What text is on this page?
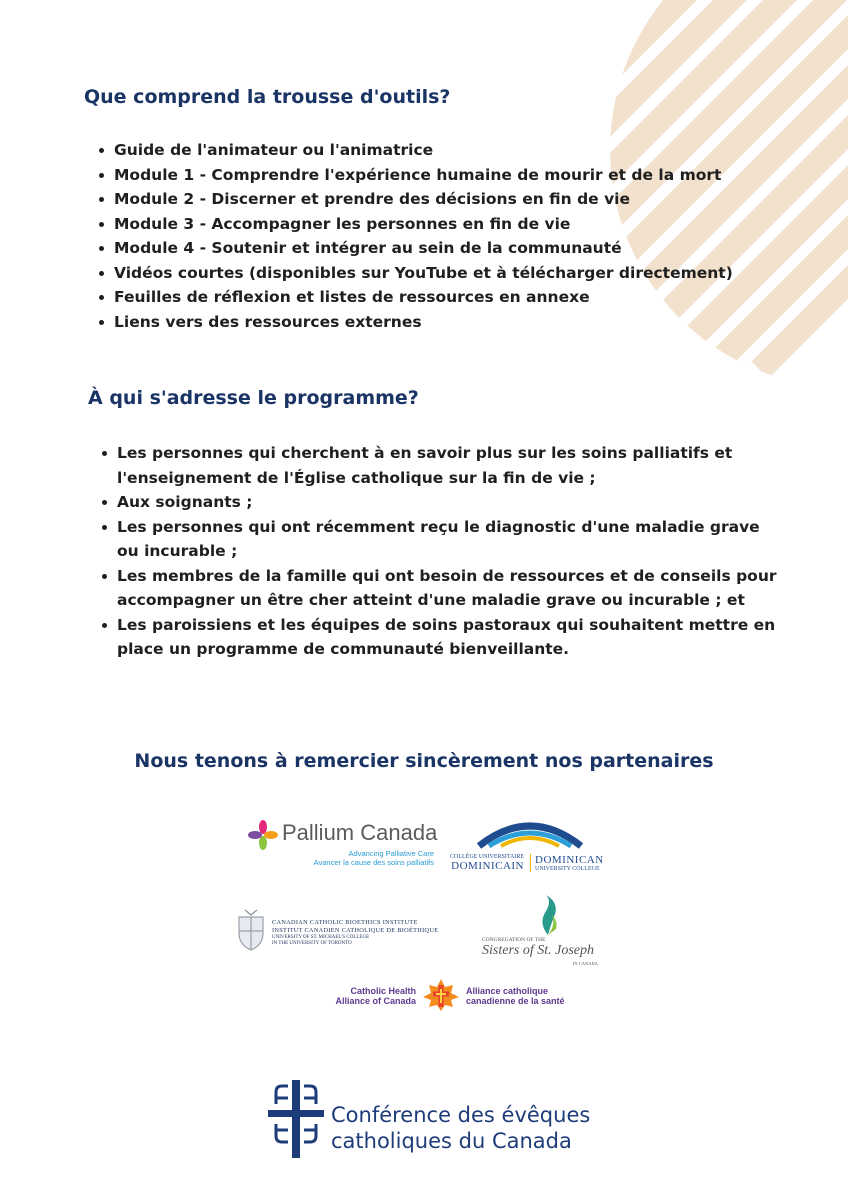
Que comprend la trousse d'outils?
Guide de l'animateur ou l'animatrice
Module 1 - Comprendre l'expérience humaine de mourir et de la mort
Module 2 - Discerner et prendre des décisions en fin de vie
Module 3 - Accompagner les personnes en fin de vie
Module 4 - Soutenir et intégrer au sein de la communauté
Vidéos courtes (disponibles sur YouTube et à télécharger directement)
Feuilles de réflexion et listes de ressources en annexe
Liens vers des ressources externes
À qui s'adresse le programme?
Les personnes qui cherchent à en savoir plus sur les soins palliatifs et l'enseignement de l'Église catholique sur la fin de vie ;
Aux soignants ;
Les personnes qui ont récemment reçu le diagnostic d'une maladie grave ou incurable ;
Les membres de la famille qui ont besoin de ressources et de conseils pour accompagner un être cher atteint d'une maladie grave ou incurable ; et
Les paroissiens et les équipes de soins pastoraux qui souhaitent mettre en place un programme de communauté bienveillante.
Nous tenons à remercier sincèrement nos partenaires
Pallium Canada
Advancing Palliative Care
Avancer la cause des soins palliatifs
COLLÈGE UNIVERSITAIRE
DOMINICAIN DOMINICAN
UNIVERSITY COLLEGE
CANADIAN CATHOLIC BIOETHICS INSTITUTE
INSTITUT CANADIEN CATHOLIQUE DE BIOÉTHIQUE
UNIVERSITY OF ST. MICHAEL'S COLLEGE
IN THE UNIVERSITY OF TORONTO
CONGREGATION OF THE
Sisters of St. Joseph
IN CANADA
Catholic Health
Alliance of Canada
Alliance catholique
canadienne de la santé
Conférence des évêques
catholiques du Canada
